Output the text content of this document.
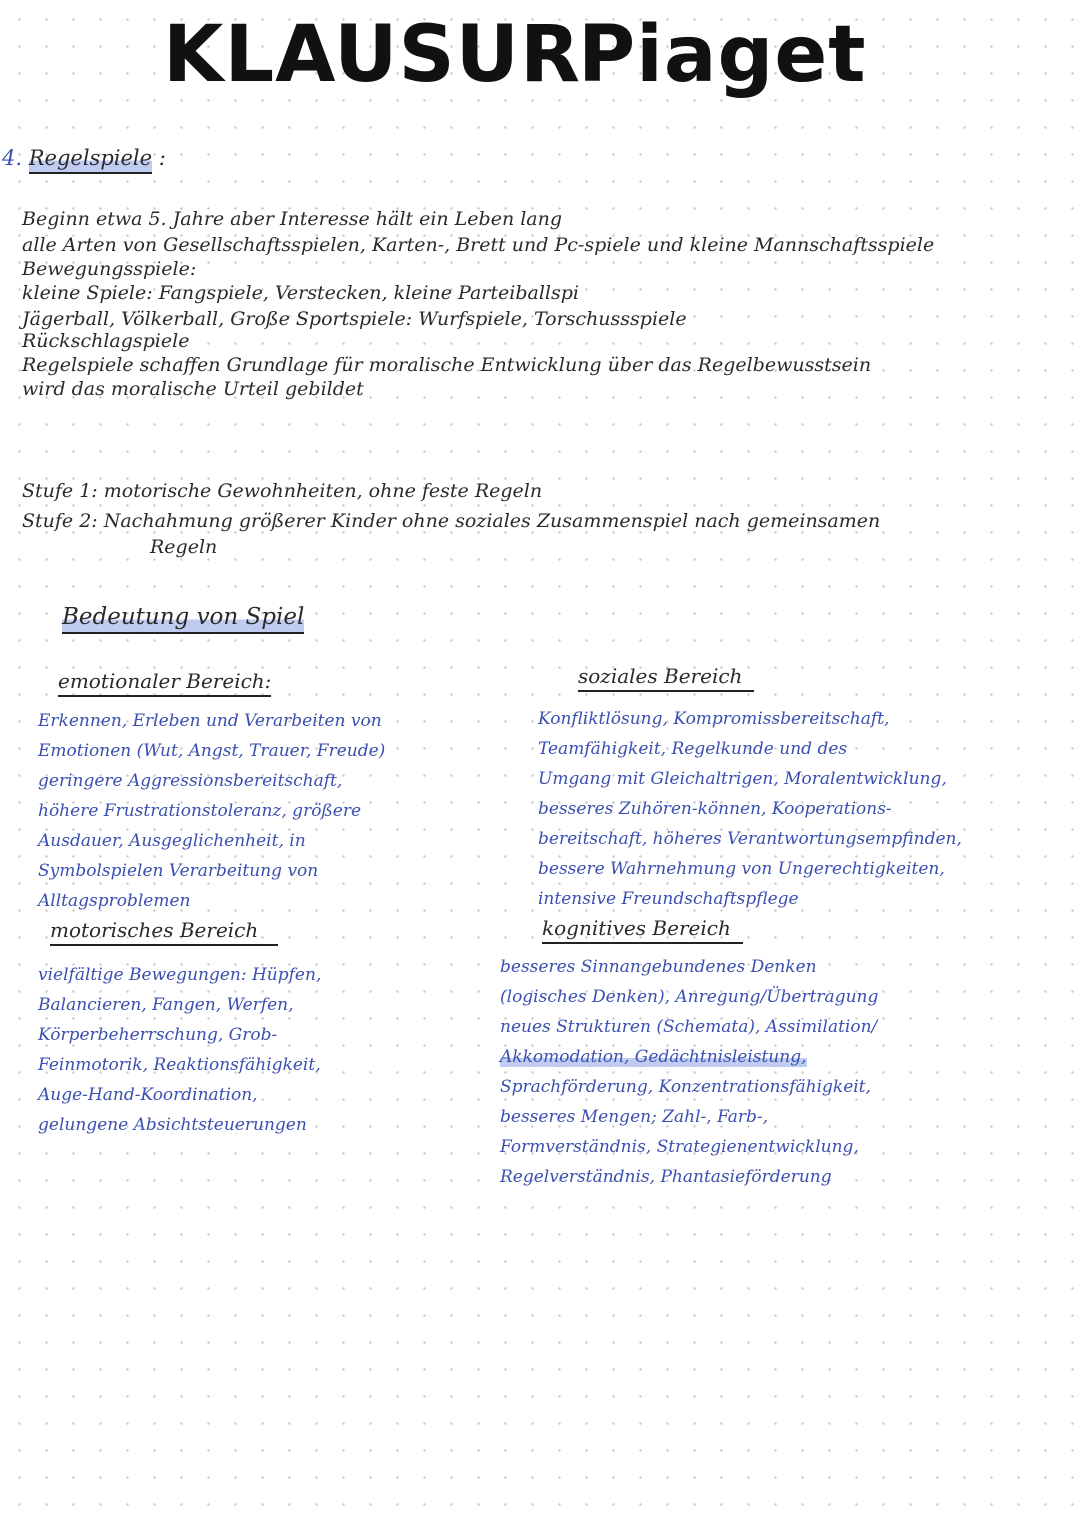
KLAUSUR
Piaget
4. Regelspiele :
Beginn etwa 5. Jahre aber Interesse hält ein Leben lang
alle Arten von Gesellschaftsspielen, Karten-, Brett und Pc-spiele und kleine Mannschaftsspiele
Bewegungsspiele:
kleine Spiele: Fangspiele, Verstecken, kleine Parteiballspi
Jägerball, Völkerball, Große Sportspiele: Wurfspiele, Torschussspiele
Rückschlagspiele
Regelspiele schaffen Grundlage für moralische Entwicklung über das Regelbewusstsein
wird das moralische Urteil gebildet
Stufe 1: motorische Gewohnheiten, ohne feste Regeln
Stufe 2: Nachahmung größerer Kinder ohne soziales Zusammenspiel nach gemeinsamen
Regeln
Bedeutung von Spiel
emotionaler Bereich:
Erkennen, Erleben und Verarbeiten von
Emotionen (Wut, Angst, Trauer, Freude)
geringere Aggressionsbereitschaft,
höhere Frustrationstoleranz, größere
Ausdauer, Ausgeglichenheit, in
Symbolspielen Verarbeitung von
Alltagsproblemen
motorisches Bereich
vielfältige Bewegungen: Hüpfen,
Balancieren, Fangen, Werfen,
Körperbeherrschung, Grob-
Feinmotorik, Reaktionsfähigkeit,
Auge-Hand-Koordination,
gelungene Absichtsteuerungen
soziales Bereich
Konfliktlösung, Kompromissbereitschaft,
Teamfähigkeit, Regelkunde und des
Umgang mit Gleichaltrigen, Moralentwicklung,
besseres Zuhören-können, Kooperations-
bereitschaft, höheres Verantwortungsempfinden,
bessere Wahrnehmung von Ungerechtigkeiten,
intensive Freundschaftspflege
kognitives Bereich
besseres Sinnangebundenes Denken
(logisches Denken), Anregung/Übertragung
neues Strukturen (Schemata), Assimilation/
Akkomodation, Gedächtnisleistung,
Sprachförderung, Konzentrationsfähigkeit,
besseres Mengen; Zahl-, Farb-,
Formverständnis, Strategienentwicklung,
Regelverständnis, Phantasieförderung
